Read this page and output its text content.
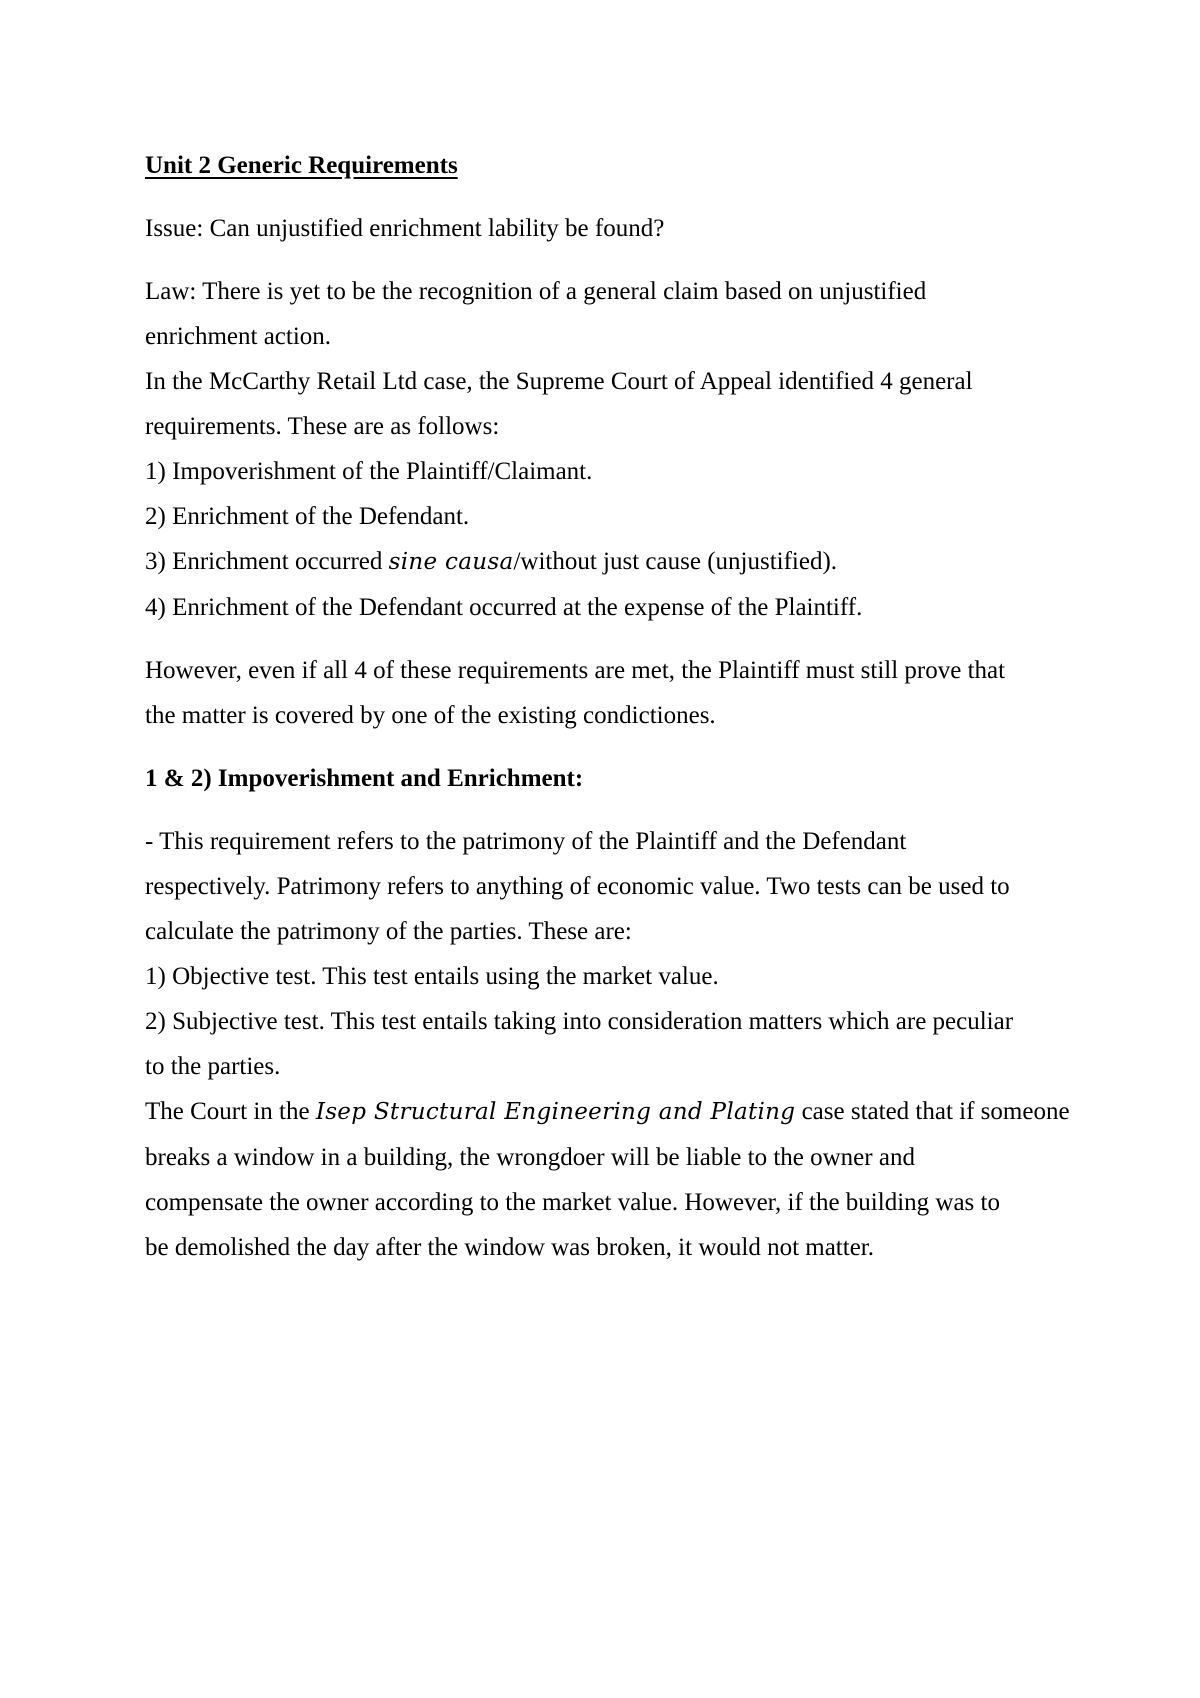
Unit 2 Generic Requirements

Issue: Can unjustified enrichment lability be found?

Law: There is yet to be the recognition of a general claim based on unjustified

enrichment action.

In the McCarthy Retail Ltd case, the Supreme Court of Appeal identified 4 general

requirements. These are as follows:

1) Impoverishment of the Plaintiff/Claimant.

2) Enrichment of the Defendant.

3) Enrichment occurred sine causa/without just cause (unjustified).

4) Enrichment of the Defendant occurred at the expense of the Plaintiff.

However, even if all 4 of these requirements are met, the Plaintiff must still prove that

the matter is covered by one of the existing condictiones.

1 & 2) Impoverishment and Enrichment:

- This requirement refers to the patrimony of the Plaintiff and the Defendant

respectively. Patrimony refers to anything of economic value. Two tests can be used to

calculate the patrimony of the parties. These are:

1) Objective test. This test entails using the market value.

2) Subjective test. This test entails taking into consideration matters which are peculiar

to the parties.

The Court in the Isep Structural Engineering and Plating case stated that if someone

breaks a window in a building, the wrongdoer will be liable to the owner and

compensate the owner according to the market value. However, if the building was to

be demolished the day after the window was broken, it would not matter.
